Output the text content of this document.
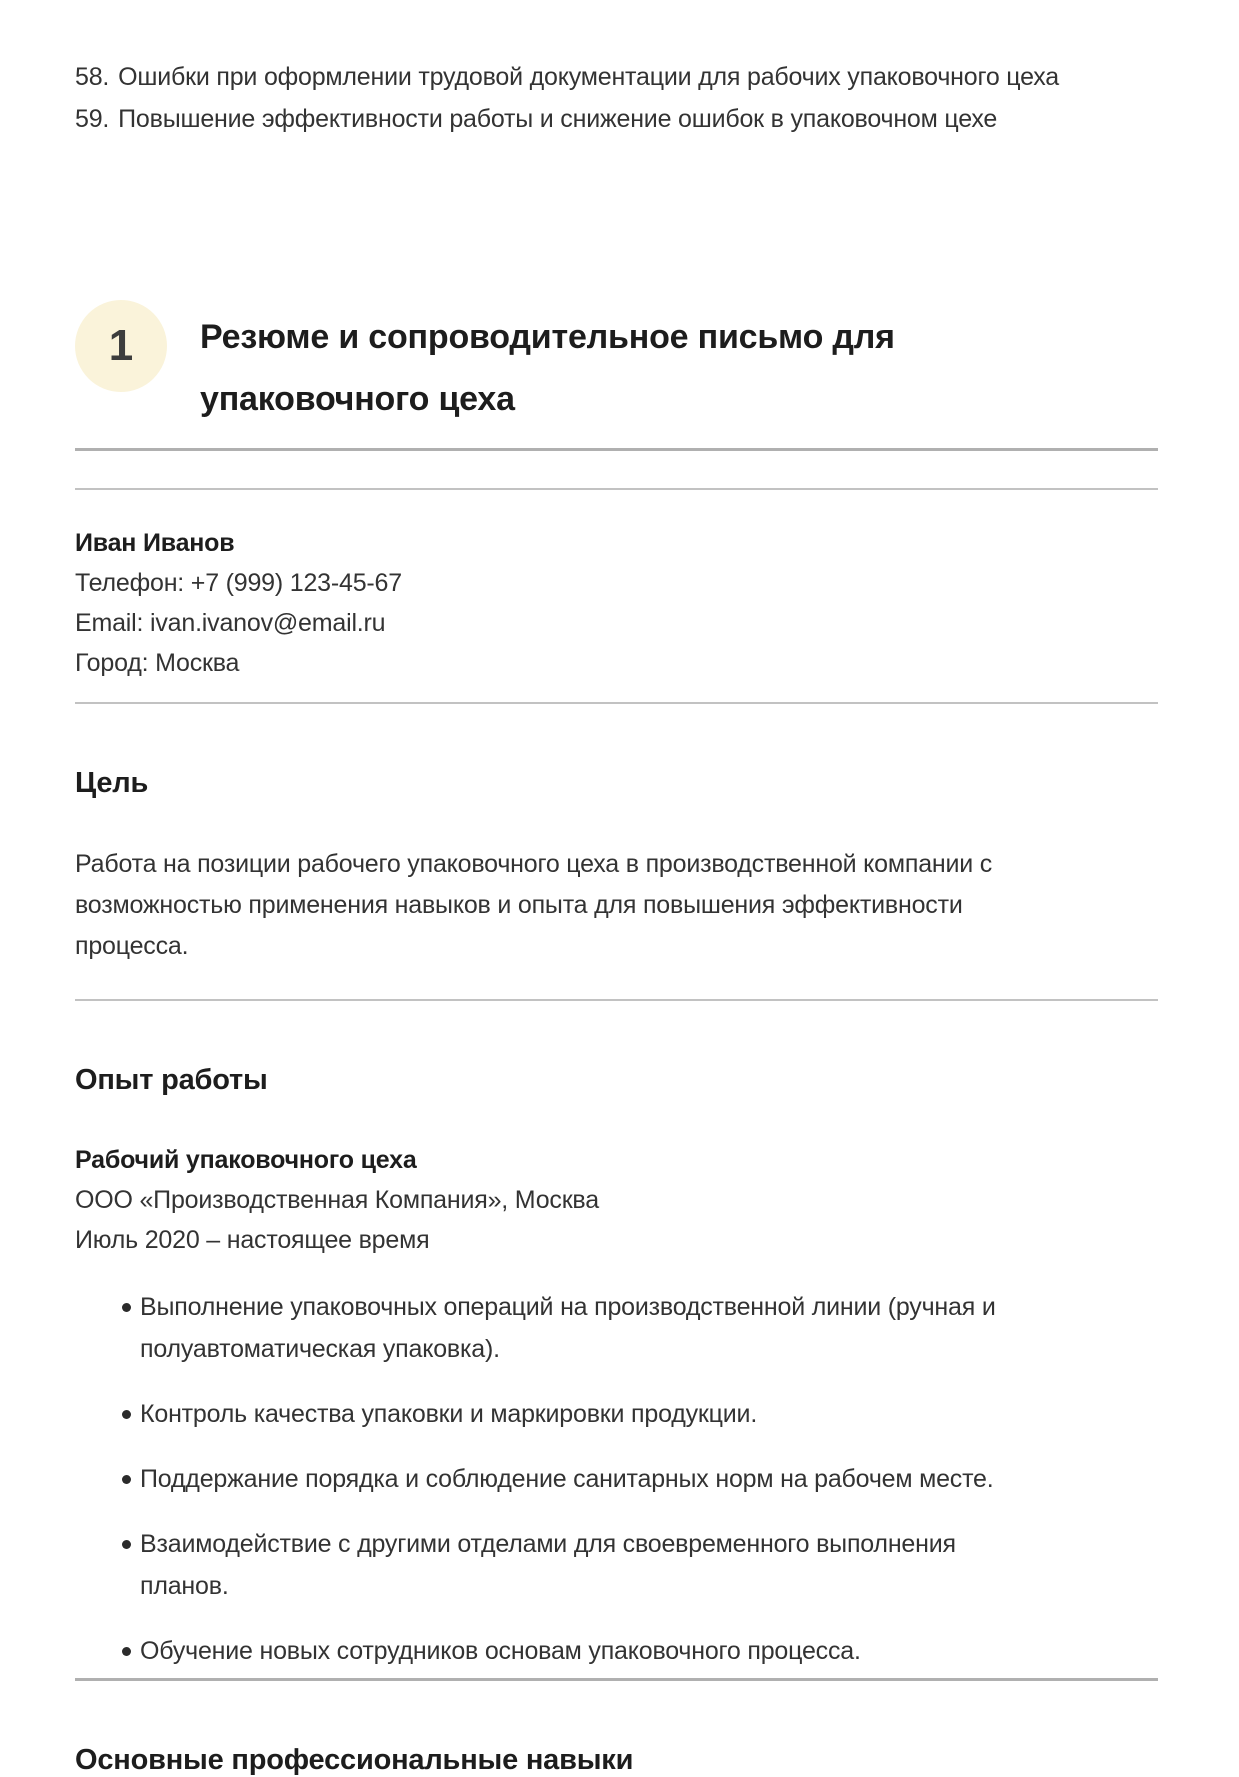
58. Ошибки при оформлении трудовой документации для рабочих упаковочного цеха
59. Повышение эффективности работы и снижение ошибок в упаковочном цехе
1	Резюме и сопроводительное письмо для упаковочного цеха

Иван Иванов

Телефон: +7 (999) 123-45-67

Email: ivan.ivanov@email.ru

Город: Москва

Цель

Работа на позиции рабочего упаковочного цеха в производственной компании с возможностью применения навыков и опыта для повышения эффективности процесса.

Опыт работы

Рабочий упаковочного цеха

ООО «Производственная Компания», Москва

Июль 2020 – настоящее время

Выполнение упаковочных операций на производственной линии (ручная и полуавтоматическая упаковка).
Контроль качества упаковки и маркировки продукции.
Поддержание порядка и соблюдение санитарных норм на рабочем месте.
Взаимодействие с другими отделами для своевременного выполнения планов.
Обучение новых сотрудников основам упаковочного процесса.
Основные профессиональные навыки
